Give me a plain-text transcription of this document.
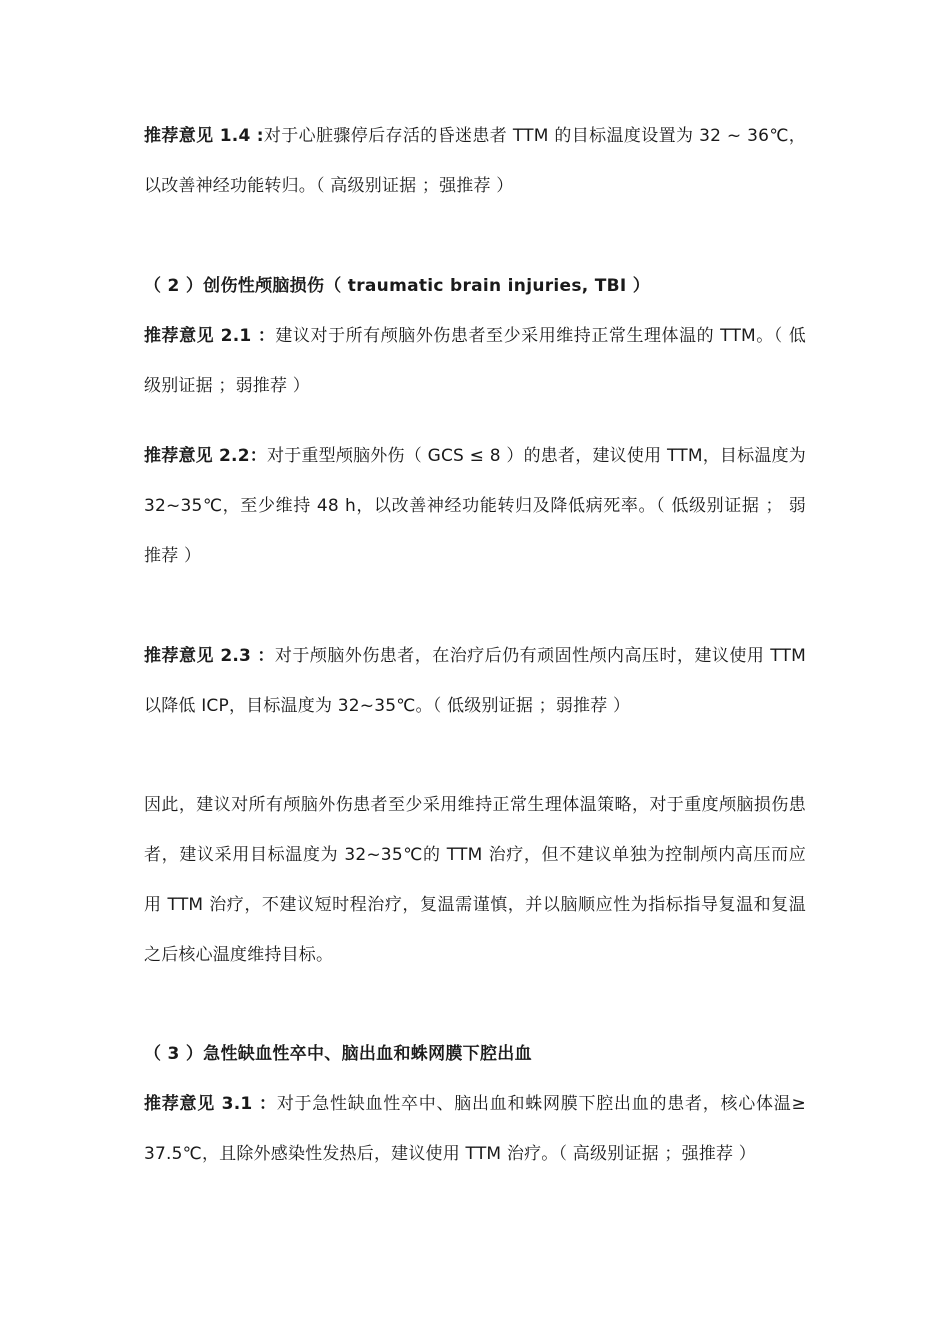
推荐意见 1.4 :对于心脏骤停后存活的昏迷患者 TTM 的目标温度设置为 32 ~ 36℃，以改善神经功能转归。（ 高级别证据 ；强推荐 ）

（ 2 ）创伤性颅脑损伤（ traumatic brain injuries, TBI ）

推荐意见 2.1 ：建议对于所有颅脑外伤患者至少采用维持正常生理体温的 TTM。（ 低级别证据 ；弱推荐 ）

推荐意见 2.2：对于重型颅脑外伤（ GCS ≤ 8 ）的患者，建议使用 TTM，目标温度为 32~35℃，至少维持 48 h，以改善神经功能转归及降低病死率。（ 低级别证据 ； 弱推荐 ）

推荐意见 2.3 ：对于颅脑外伤患者，在治疗后仍有顽固性颅内高压时，建议使用 TTM 以降低 ICP，目标温度为 32~35℃。（ 低级别证据 ；弱推荐 ）

因此，建议对所有颅脑外伤患者至少采用维持正常生理体温策略，对于重度颅脑损伤患者，建议采用目标温度为 32~35℃的 TTM 治疗，但不建议单独为控制颅内高压而应用 TTM 治疗，不建议短时程治疗，复温需谨慎，并以脑顺应性为指标指导复温和复温之后核心温度维持目标。

（ 3 ）急性缺血性卒中、脑出血和蛛网膜下腔出血

推荐意见 3.1 ：对于急性缺血性卒中、脑出血和蛛网膜下腔出血的患者，核心体温≥ 37.5℃，且除外感染性发热后，建议使用 TTM 治疗。（ 高级别证据 ；强推荐 ）
